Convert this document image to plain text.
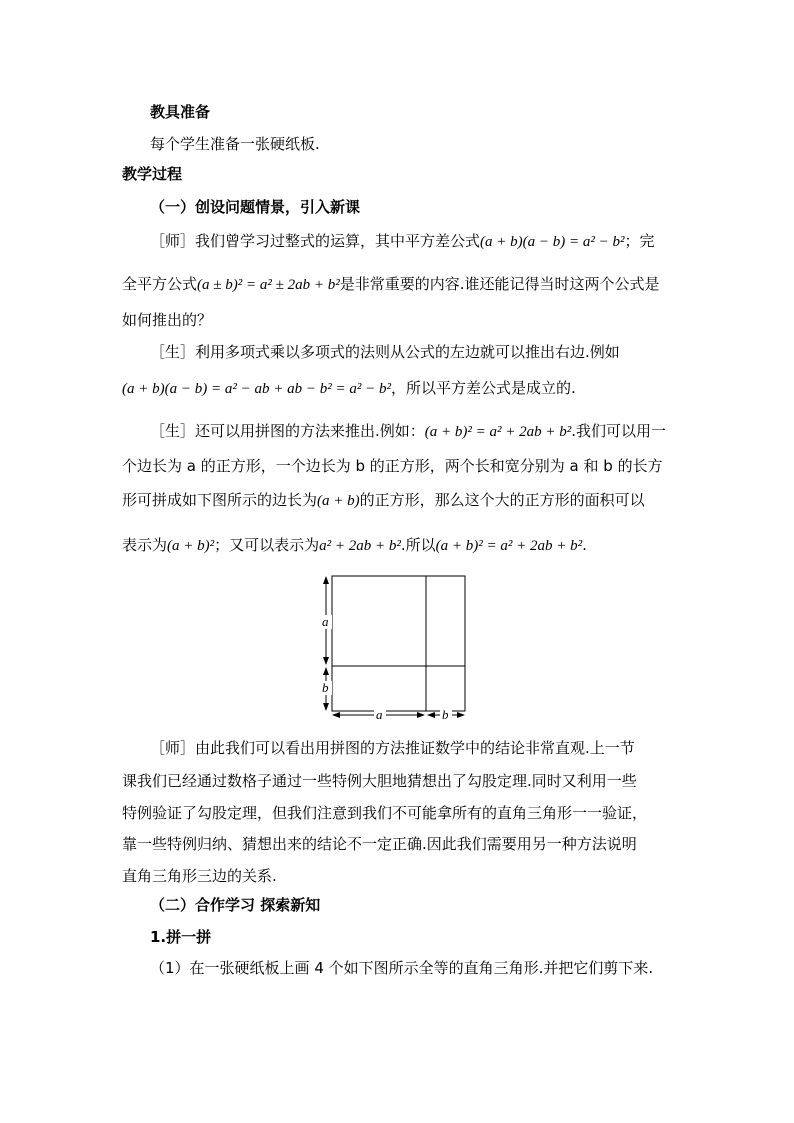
教具准备
每个学生准备一张硬纸板.
教学过程
（一）创设问题情景，引入新课
［师］我们曾学习过整式的运算，其中平方差公式(a + b)(a − b) = a² − b²；完
全平方公式(a ± b)² = a² ± 2ab + b²是非常重要的内容.谁还能记得当时这两个公式是
如何推出的？
［生］利用多项式乘以多项式的法则从公式的左边就可以推出右边.例如
(a + b)(a − b) = a² − ab + ab − b² = a² − b²，所以平方差公式是成立的.
［生］还可以用拼图的方法来推出.例如：(a + b)² = a² + 2ab + b².我们可以用一
个边长为 a 的正方形，一个边长为 b 的正方形，两个长和宽分别为 a 和 b 的长方
形可拼成如下图所示的边长为(a + b)的正方形，那么这个大的正方形的面积可以
表示为(a + b)²；又可以表示为a² + 2ab + b².所以(a + b)² = a² + 2ab + b².
a
b
a	b
［师］由此我们可以看出用拼图的方法推证数学中的结论非常直观.上一节
课我们已经通过数格子通过一些特例大胆地猜想出了勾股定理.同时又利用一些
特例验证了勾股定理，但我们注意到我们不可能拿所有的直角三角形一一验证，
靠一些特例归纳、猜想出来的结论不一定正确.因此我们需要用另一种方法说明
直角三角形三边的关系.
（二）合作学习 探索新知
1.拼一拼
（1）在一张硬纸板上画 4 个如下图所示全等的直角三角形.并把它们剪下来.
